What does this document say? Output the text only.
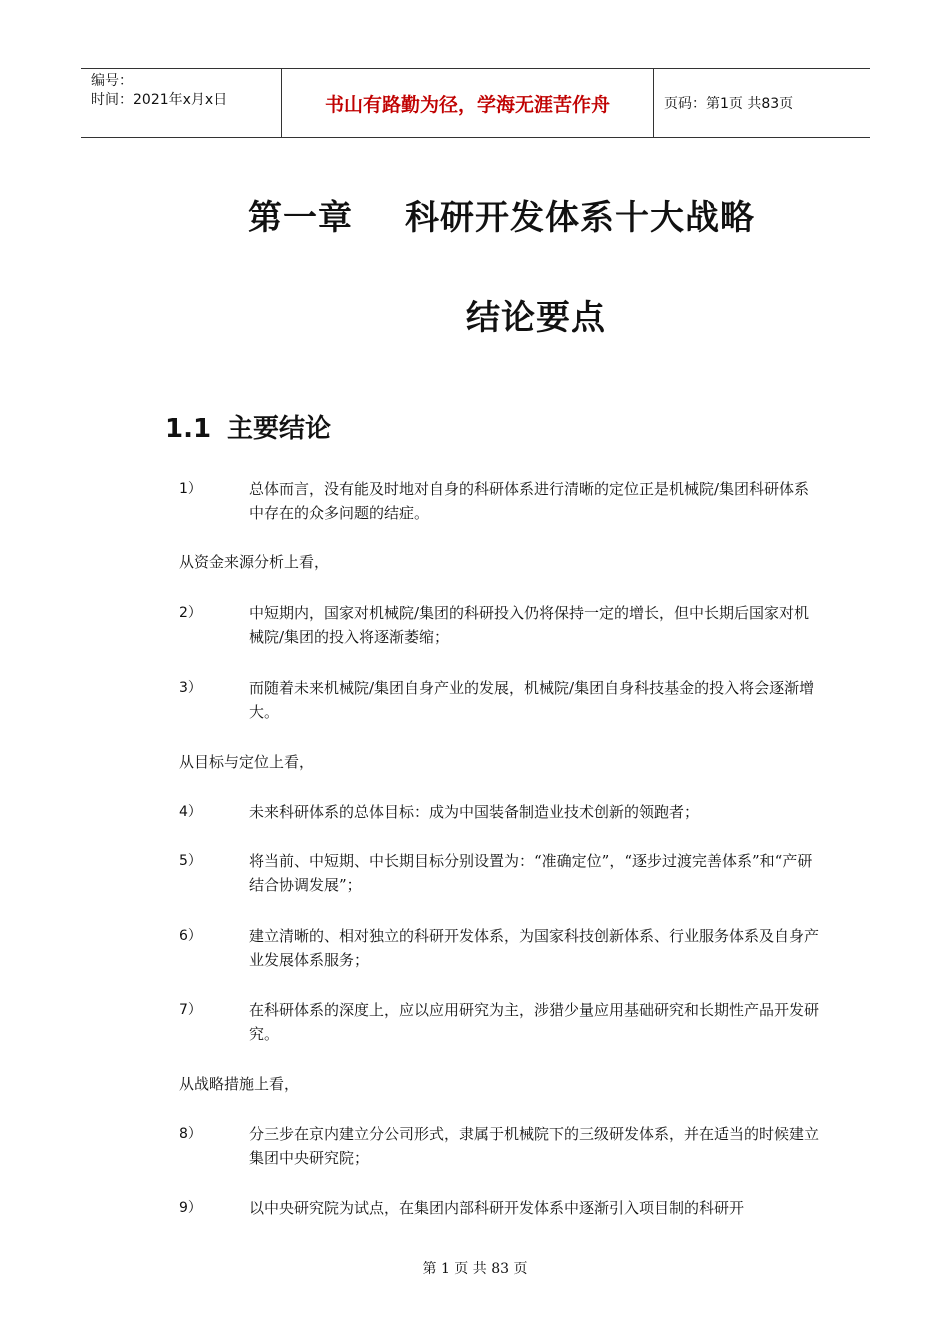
编号：
时间：2021年x月x日	书山有路勤为径，学海无涯苦作舟	页码：第1页 共83页
第一章 科研开发体系十大战略
结论要点
1.1 主要结论
1）	总体而言，没有能及时地对自身的科研体系进行清晰的定位正是机械院/集团科研体系中存在的众多问题的结症。
从资金来源分析上看，
2）	中短期内，国家对机械院/集团的科研投入仍将保持一定的增长，但中长期后国家对机械院/集团的投入将逐渐萎缩；
3）	而随着未来机械院/集团自身产业的发展，机械院/集团自身科技基金的投入将会逐渐增大。
从目标与定位上看，
4）	未来科研体系的总体目标：成为中国装备制造业技术创新的领跑者；
5）	将当前、中短期、中长期目标分别设置为：“准确定位”，“逐步过渡完善体系”和“产研结合协调发展”；
6）	建立清晰的、相对独立的科研开发体系，为国家科技创新体系、行业服务体系及自身产业发展体系服务；
7）	在科研体系的深度上，应以应用研究为主，涉猎少量应用基础研究和长期性产品开发研究。
从战略措施上看，
8）	分三步在京内建立分公司形式，隶属于机械院下的三级研发体系，并在适当的时候建立集团中央研究院；
9）	以中央研究院为试点，在集团内部科研开发体系中逐渐引入项目制的科研开
第 1 页 共 83 页
